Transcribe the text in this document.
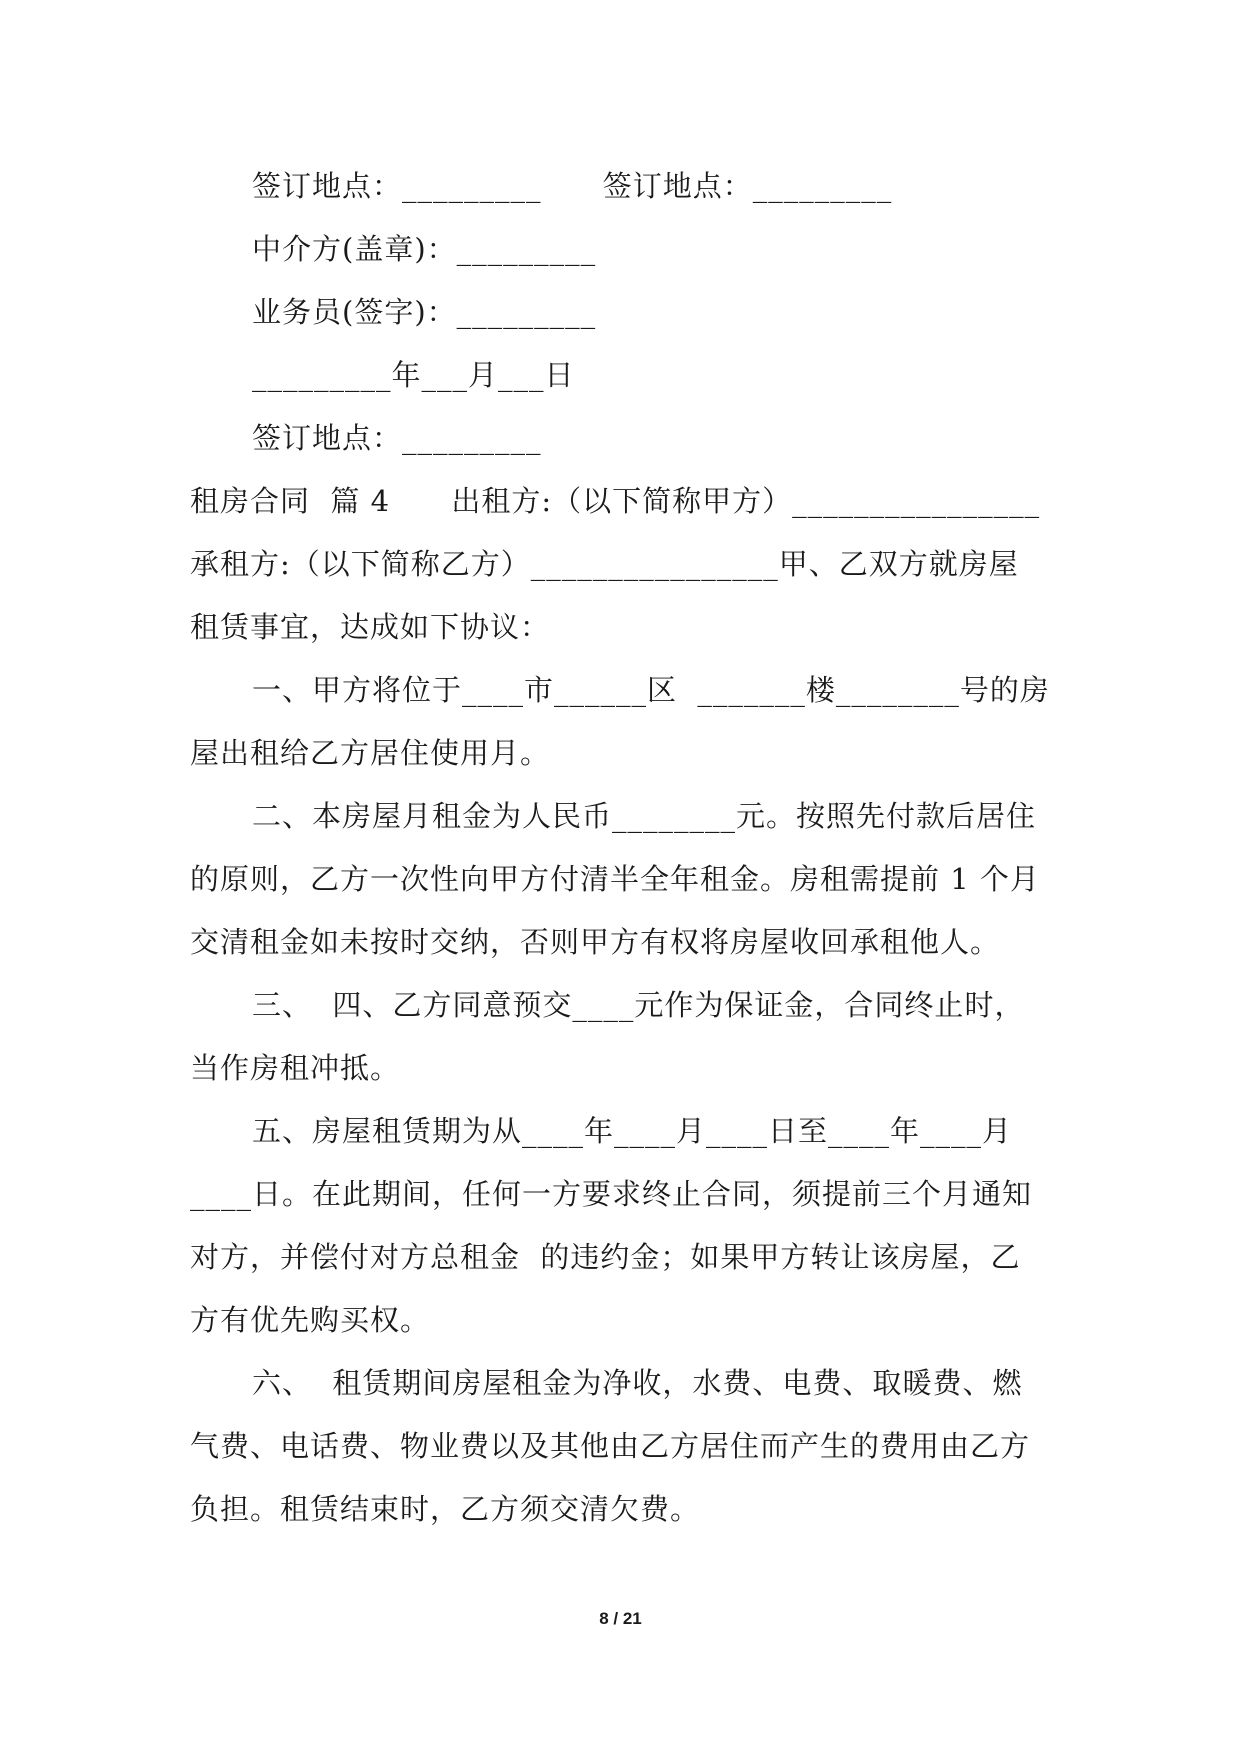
签订地点：_________      签订地点：_________
中介方(盖章)：_________
业务员(签字)：_________
_________年___月___日
签订地点：_________
租房合同  篇 4      出租方:（以下简称甲方）________________
承租方:（以下简称乙方）________________甲、乙双方就房屋
租赁事宜，达成如下协议：
一、甲方将位于____市______区  _______楼________号的房
屋出租给乙方居住使用月。
二、本房屋月租金为人民币________元。按照先付款后居住
的原则，乙方一次性向甲方付清半全年租金。房租需提前 1 个月
交清租金如未按时交纳，否则甲方有权将房屋收回承租他人。
三、  四、乙方同意预交____元作为保证金，合同终止时，
当作房租冲抵。
五、房屋租赁期为从____年____月____日至____年____月
____日。在此期间，任何一方要求终止合同，须提前三个月通知
对方，并偿付对方总租金  的违约金；如果甲方转让该房屋，乙
方有优先购买权。
六、  租赁期间房屋租金为净收，水费、电费、取暖费、燃
气费、电话费、物业费以及其他由乙方居住而产生的费用由乙方
负担。租赁结束时，乙方须交清欠费。
8 / 21
